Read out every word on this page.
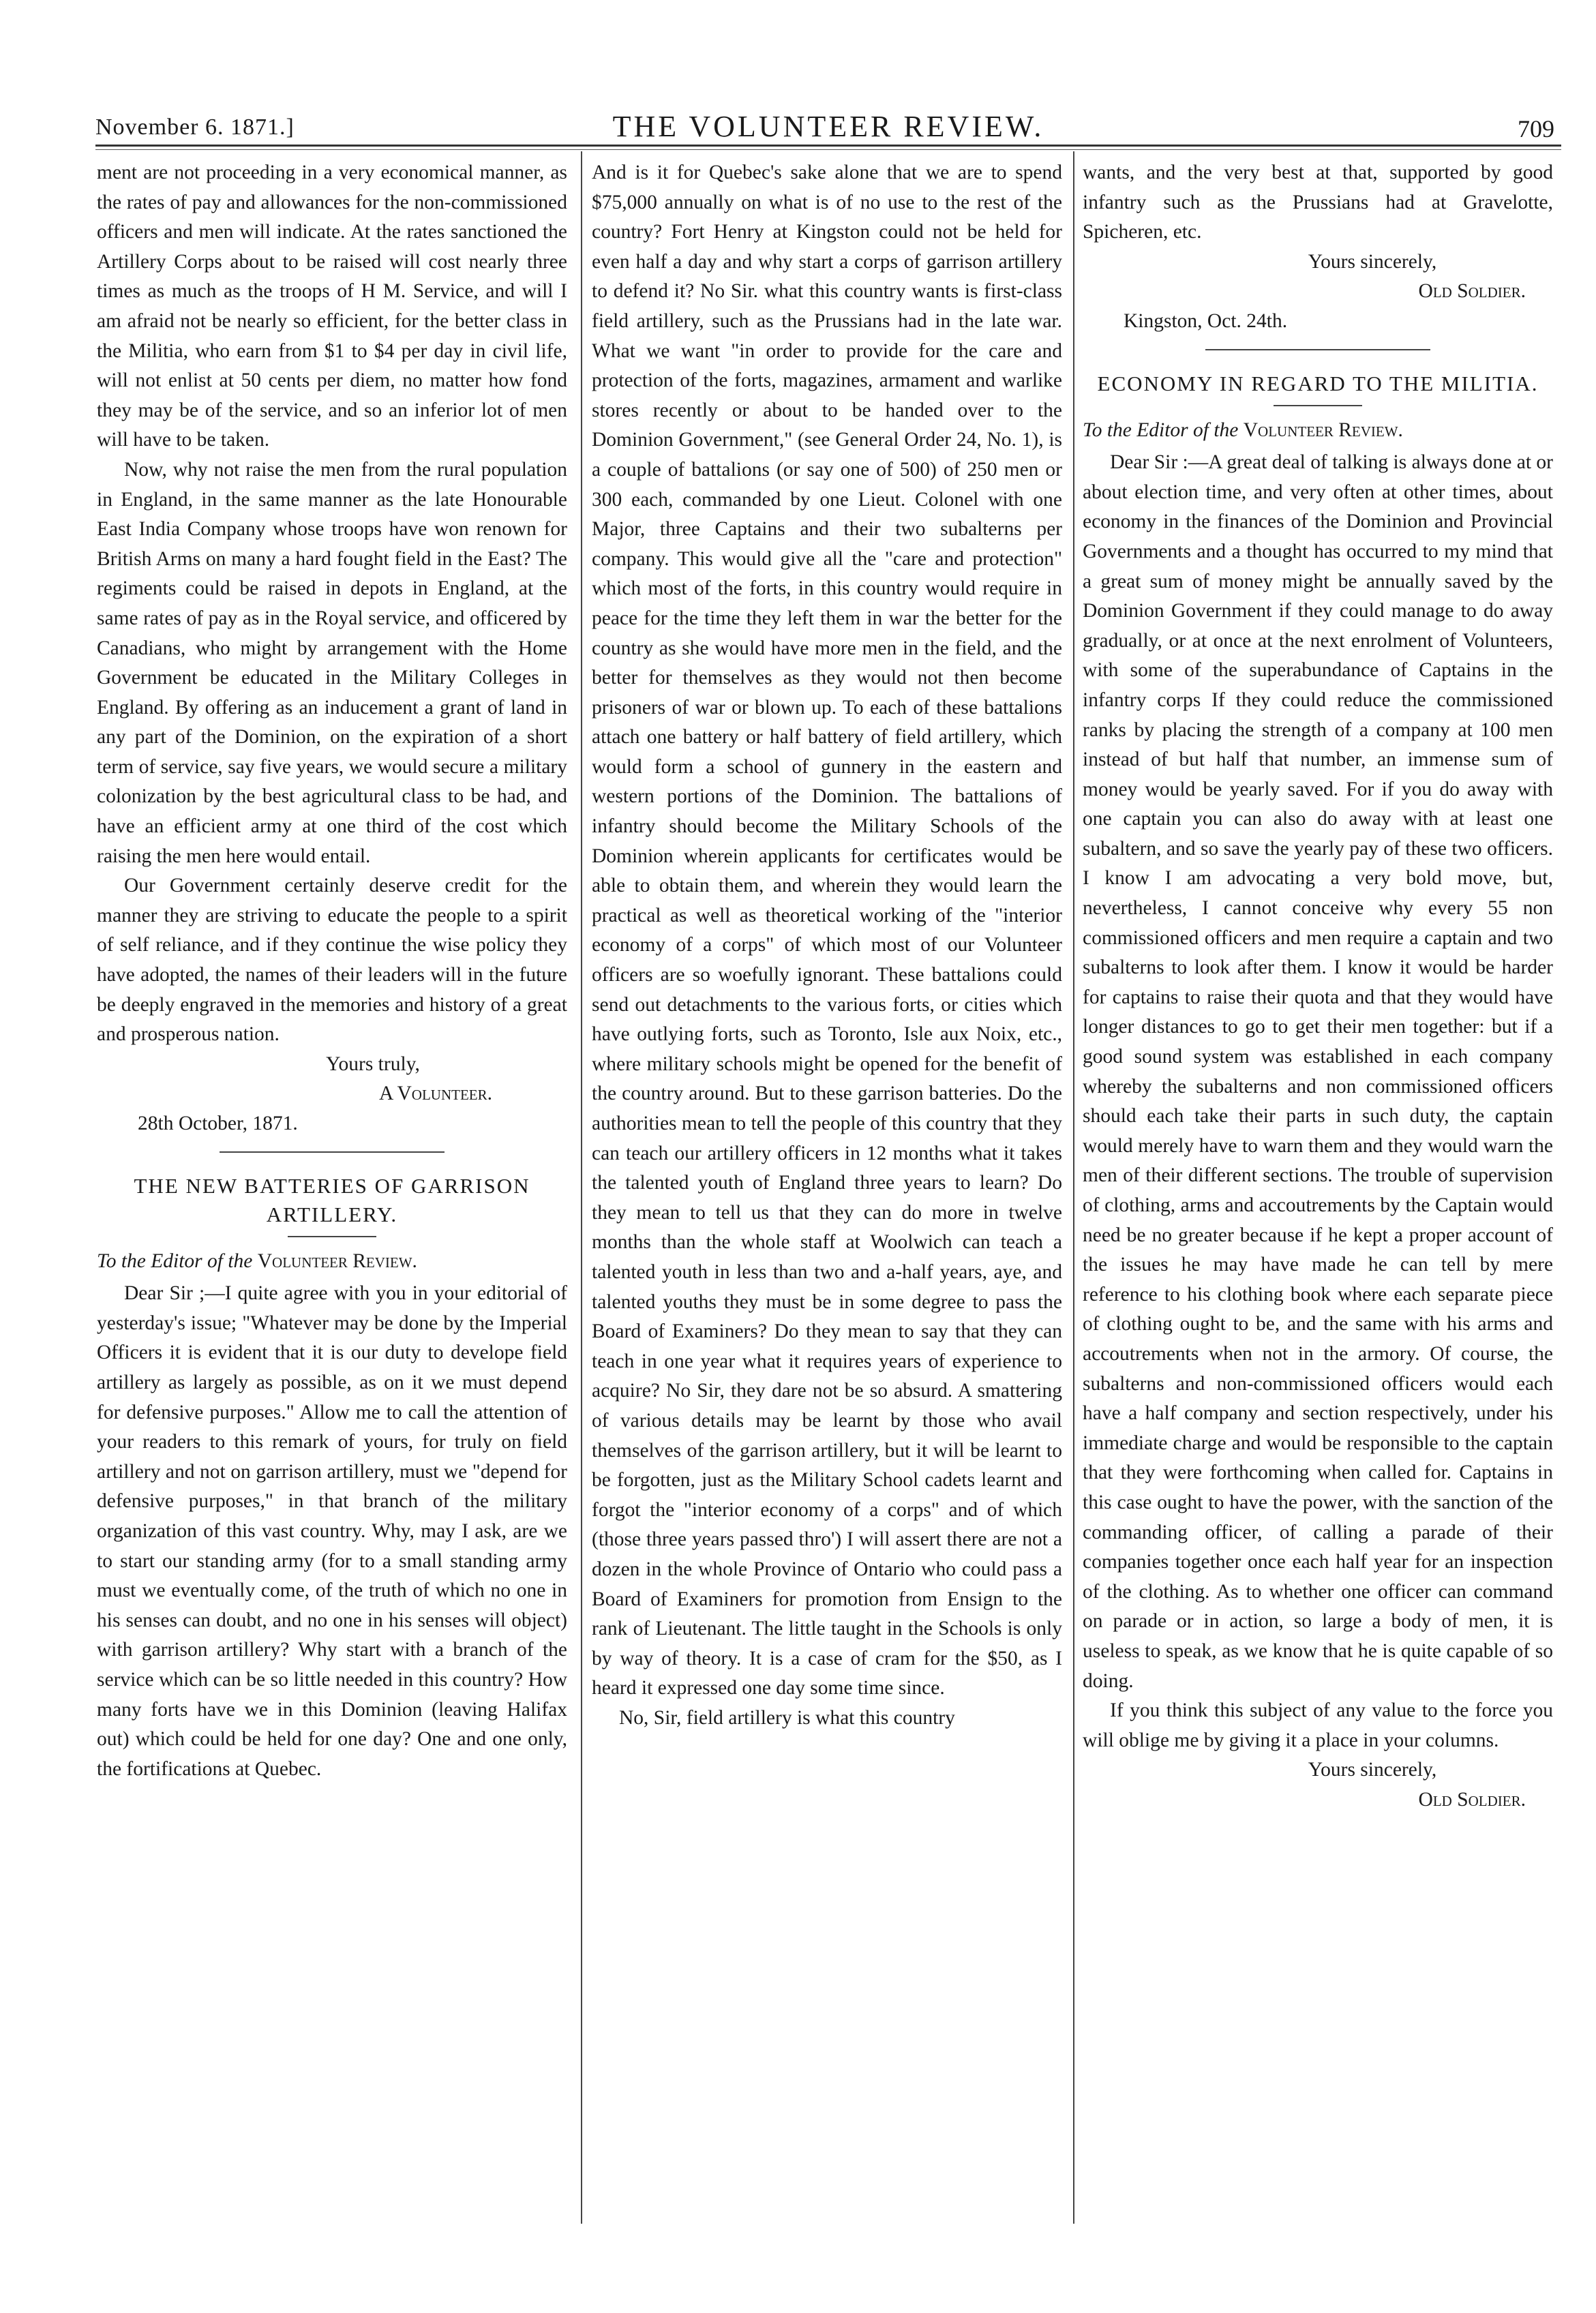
November 6. 1871.]	THE VOLUNTEER REVIEW.	709

ment are not proceeding in a very economical manner, as the rates of pay and allowances for the non-commissioned officers and men will indicate. At the rates sanctioned the Artillery Corps about to be raised will cost nearly three times as much as the troops of H M. Service, and will I am afraid not be nearly so efficient, for the better class in the Militia, who earn from $1 to $4 per day in civil life, will not enlist at 50 cents per diem, no matter how fond they may be of the service, and so an inferior lot of men will have to be taken.

Now, why not raise the men from the rural population in England, in the same manner as the late Honourable East India Company whose troops have won renown for British Arms on many a hard fought field in the East? The regiments could be raised in depots in England, at the same rates of pay as in the Royal service, and officered by Canadians, who might by arrangement with the Home Government be educated in the Military Colleges in England. By offering as an inducement a grant of land in any part of the Dominion, on the expiration of a short term of service, say five years, we would secure a military colonization by the best agricultural class to be had, and have an efficient army at one third of the cost which raising the men here would entail.

Our Government certainly deserve credit for the manner they are striving to educate the people to a spirit of self reliance, and if they continue the wise policy they have adopted, the names of their leaders will in the future be deeply engraved in the memories and history of a great and prosperous nation.

Yours truly,

A Volunteer.

28th October, 1871.

THE NEW BATTERIES OF GARRISON ARTILLERY.

To the Editor of the Volunteer Review.

Dear Sir ;—I quite agree with you in your editorial of yesterday's issue; "Whatever may be done by the Imperial Officers it is evident that it is our duty to develope field artillery as largely as possible, as on it we must depend for defensive purposes." Allow me to call the attention of your readers to this remark of yours, for truly on field artillery and not on garrison artillery, must we "depend for defensive purposes," in that branch of the military organization of this vast country. Why, may I ask, are we to start our standing army (for to a small standing army must we eventually come, of the truth of which no one in his senses can doubt, and no one in his senses will object) with garrison artillery? Why start with a branch of the service which can be so little needed in this country? How many forts have we in this Dominion (leaving Halifax out) which could be held for one day? One and one only, the fortifications at Quebec.

And is it for Quebec's sake alone that we are to spend $75,000 annually on what is of no use to the rest of the country? Fort Henry at Kingston could not be held for even half a day and why start a corps of garrison artillery to defend it? No Sir. what this country wants is first-class field artillery, such as the Prussians had in the late war. What we want "in order to provide for the care and protection of the forts, magazines, armament and warlike stores recently or about to be handed over to the Dominion Government," (see General Order 24, No. 1), is a couple of battalions (or say one of 500) of 250 men or 300 each, commanded by one Lieut. Colonel with one Major, three Captains and their two subalterns per company. This would give all the "care and protection" which most of the forts, in this country would require in peace for the time they left them in war the better for the country as she would have more men in the field, and the better for themselves as they would not then become prisoners of war or blown up. To each of these battalions attach one battery or half battery of field artillery, which would form a school of gunnery in the eastern and western portions of the Dominion. The battalions of infantry should become the Military Schools of the Dominion wherein applicants for certificates would be able to obtain them, and wherein they would learn the practical as well as theoretical working of the "interior economy of a corps" of which most of our Volunteer officers are so woefully ignorant. These battalions could send out detachments to the various forts, or cities which have outlying forts, such as Toronto, Isle aux Noix, etc., where military schools might be opened for the benefit of the country around. But to these garrison batteries. Do the authorities mean to tell the people of this country that they can teach our artillery officers in 12 months what it takes the talented youth of England three years to learn? Do they mean to tell us that they can do more in twelve months than the whole staff at Woolwich can teach a talented youth in less than two and a-half years, aye, and talented youths they must be in some degree to pass the Board of Examiners? Do they mean to say that they can teach in one year what it requires years of experience to acquire? No Sir, they dare not be so absurd. A smattering of various details may be learnt by those who avail themselves of the garrison artillery, but it will be learnt to be forgotten, just as the Military School cadets learnt and forgot the "interior economy of a corps" and of which (those three years passed thro') I will assert there are not a dozen in the whole Province of Ontario who could pass a Board of Examiners for promotion from Ensign to the rank of Lieutenant. The little taught in the Schools is only by way of theory. It is a case of cram for the $50, as I heard it expressed one day some time since.

No, Sir, field artillery is what this country

wants, and the very best at that, supported by good infantry such as the Prussians had at Gravelotte, Spicheren, etc.

Yours sincerely,

Old Soldier.

Kingston, Oct. 24th.

ECONOMY IN REGARD TO THE MILITIA.

To the Editor of the Volunteer Review.

Dear Sir :—A great deal of talking is always done at or about election time, and very often at other times, about economy in the finances of the Dominion and Provincial Governments and a thought has occurred to my mind that a great sum of money might be annually saved by the Dominion Government if they could manage to do away gradually, or at once at the next enrolment of Volunteers, with some of the superabundance of Captains in the infantry corps If they could reduce the commissioned ranks by placing the strength of a company at 100 men instead of but half that number, an immense sum of money would be yearly saved. For if you do away with one captain you can also do away with at least one subaltern, and so save the yearly pay of these two officers. I know I am advocating a very bold move, but, nevertheless, I cannot conceive why every 55 non commissioned officers and men require a captain and two subalterns to look after them. I know it would be harder for captains to raise their quota and that they would have longer distances to go to get their men together: but if a good sound system was established in each company whereby the subalterns and non commissioned officers should each take their parts in such duty, the captain would merely have to warn them and they would warn the men of their different sections. The trouble of supervision of clothing, arms and accoutrements by the Captain would need be no greater because if he kept a proper account of the issues he may have made he can tell by mere reference to his clothing book where each separate piece of clothing ought to be, and the same with his arms and accoutrements when not in the armory. Of course, the subalterns and non-commissioned officers would each have a half company and section respectively, under his immediate charge and would be responsible to the captain that they were forthcoming when called for. Captains in this case ought to have the power, with the sanction of the commanding officer, of calling a parade of their companies together once each half year for an inspection of the clothing. As to whether one officer can command on parade or in action, so large a body of men, it is useless to speak, as we know that he is quite capable of so doing.

If you think this subject of any value to the force you will oblige me by giving it a place in your columns.

Yours sincerely,

Old Soldier.
